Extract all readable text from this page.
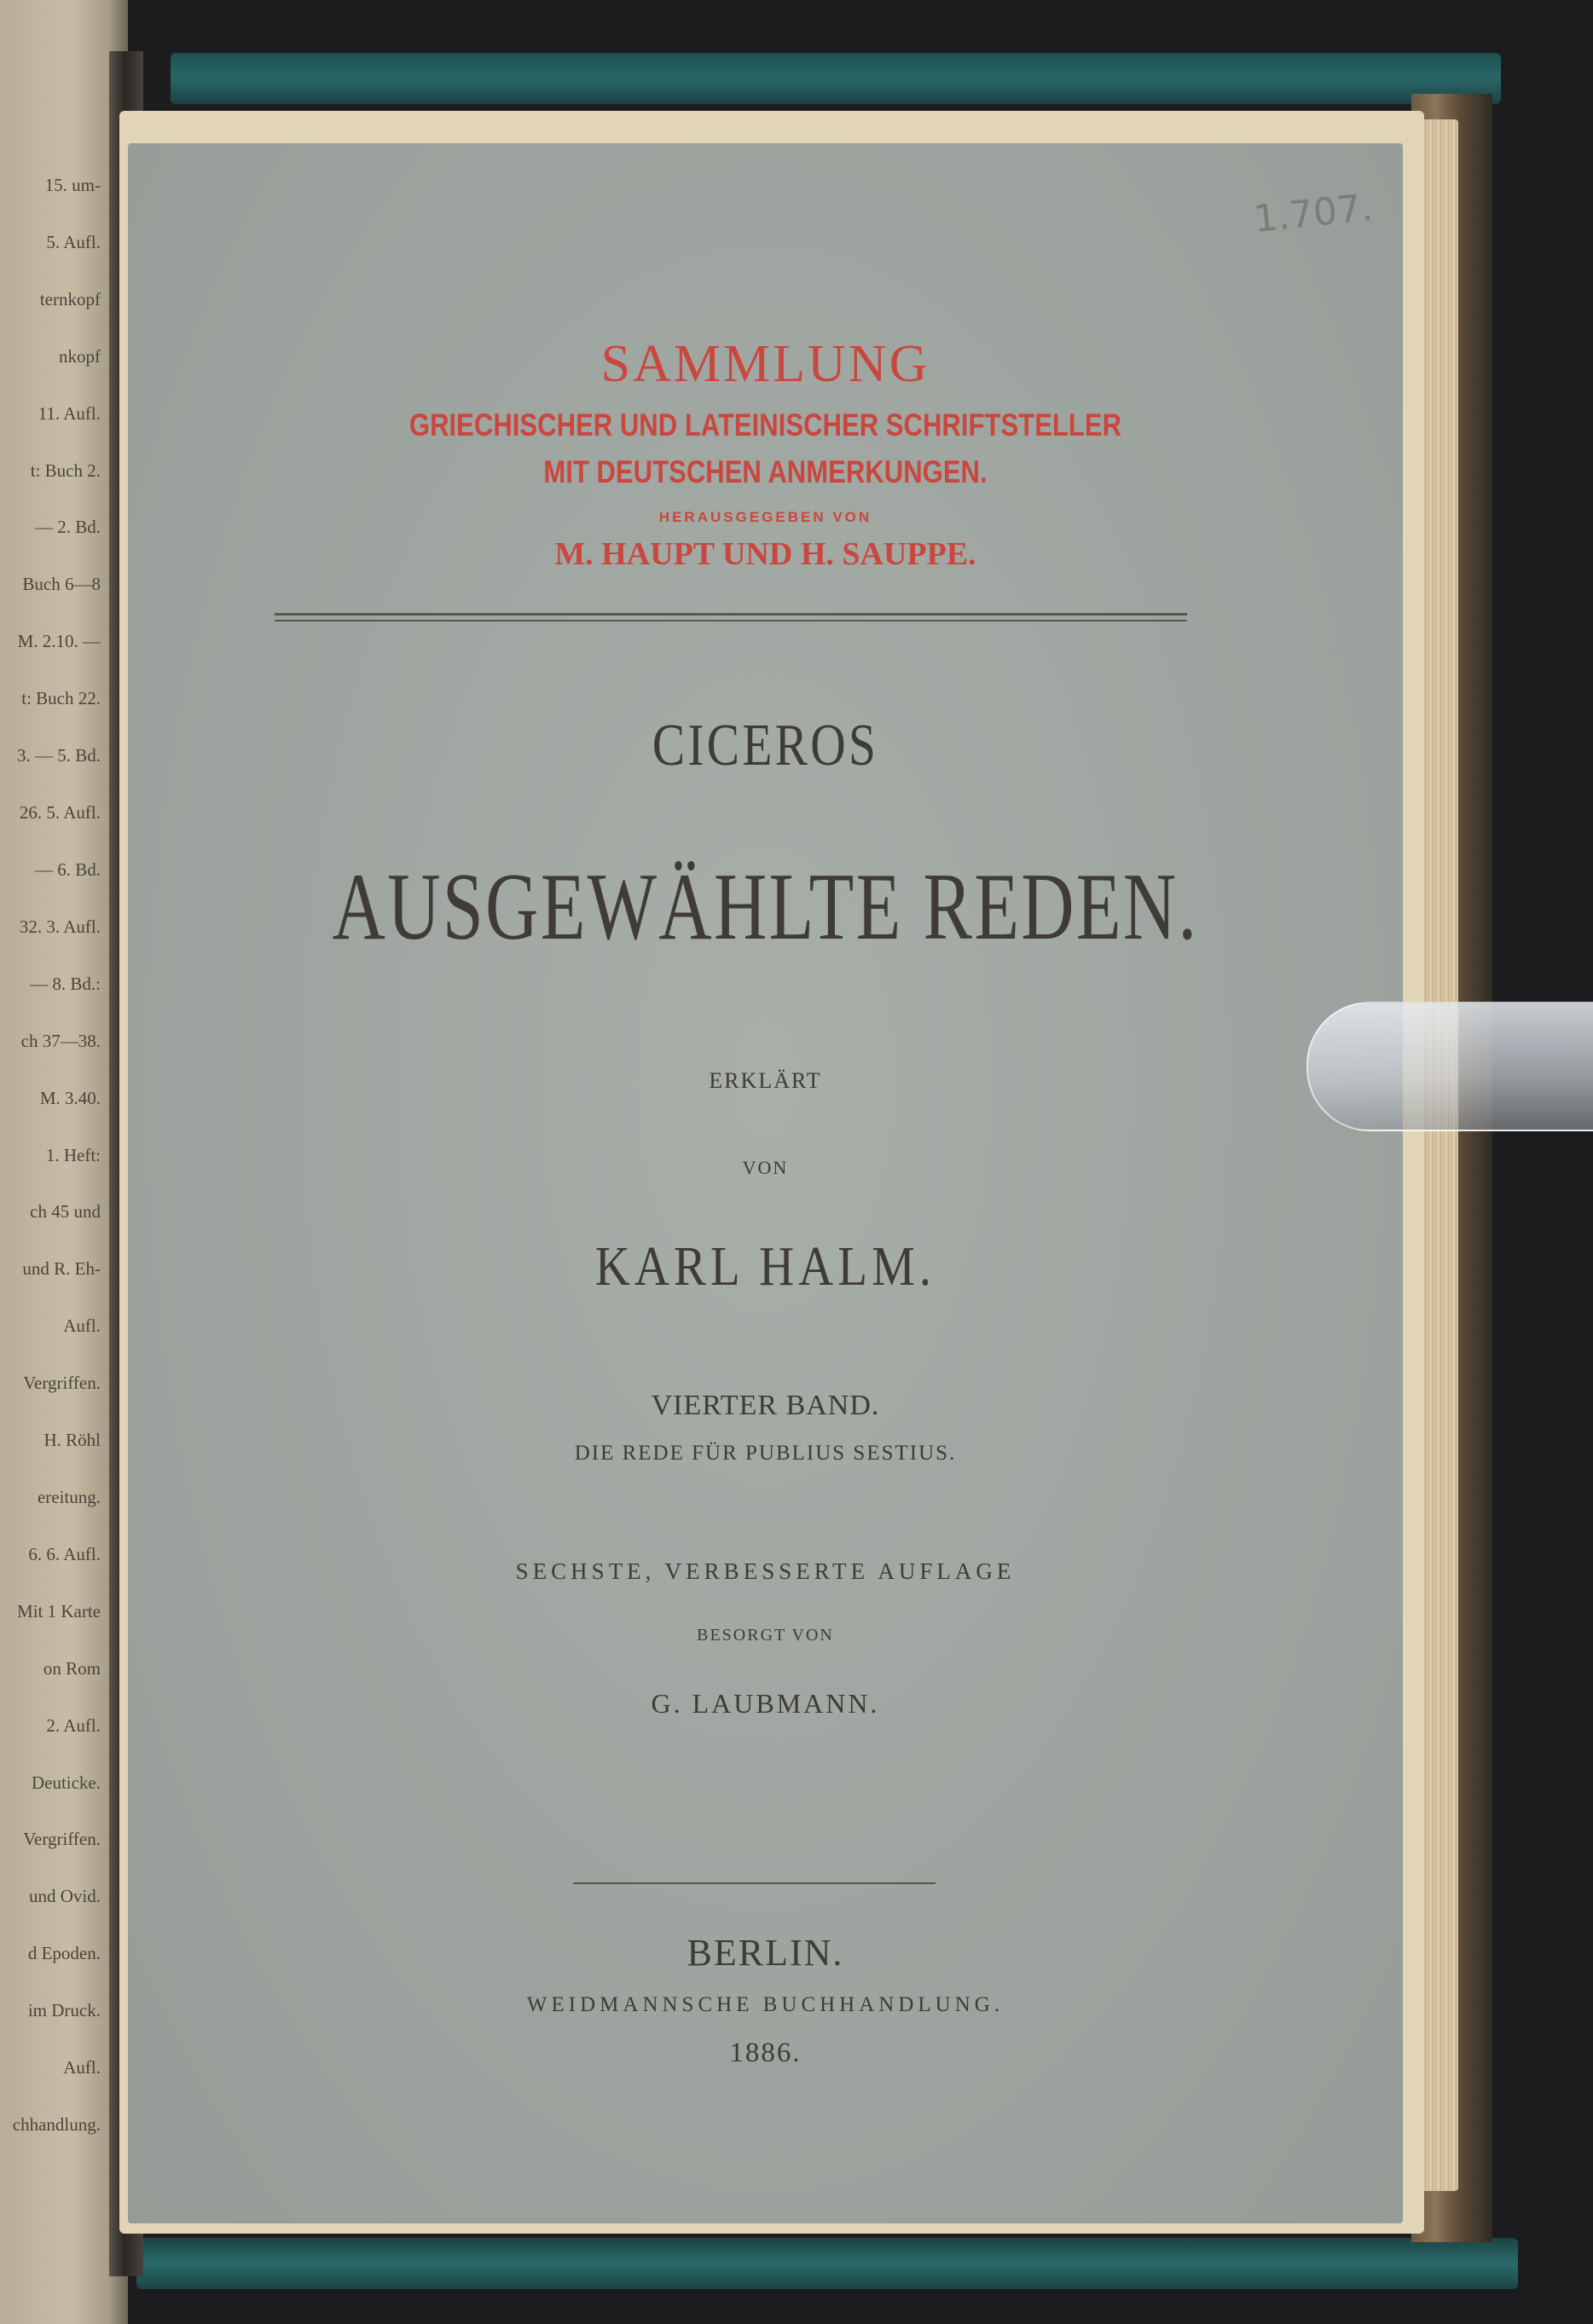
15. um-
5. Aufl.
ternkopf
nkopf
11. Aufl.
t: Buch 2.
— 2. Bd.
Buch 6—8
M. 2.10. —
t: Buch 22.
3. — 5. Bd.
26. 5. Aufl.
— 6. Bd.
32. 3. Aufl.
— 8. Bd.:
ch 37—38.
M. 3.40.
1. Heft:
ch 45 und
und R. Eh-
Aufl.
Vergriffen.
H. Röhl
ereitung.
6. 6. Aufl.
Mit 1 Karte
on Rom
2. Aufl.
Deuticke.
Vergriffen.
und Ovid.
d Epoden.
im Druck.
Aufl.
chhandlung.
1.707.
SAMMLUNG
GRIECHISCHER UND LATEINISCHER SCHRIFTSTELLER
MIT DEUTSCHEN ANMERKUNGEN.
HERAUSGEGEBEN VON
M. HAUPT UND H. SAUPPE.
CICEROS
AUSGEWÄHLTE REDEN.
ERKLÄRT
VON
KARL HALM.
VIERTER BAND.
DIE REDE FÜR PUBLIUS SESTIUS.
SECHSTE, VERBESSERTE AUFLAGE
BESORGT VON
G. LAUBMANN.
BERLIN.
WEIDMANNSCHE BUCHHANDLUNG.
1886.
